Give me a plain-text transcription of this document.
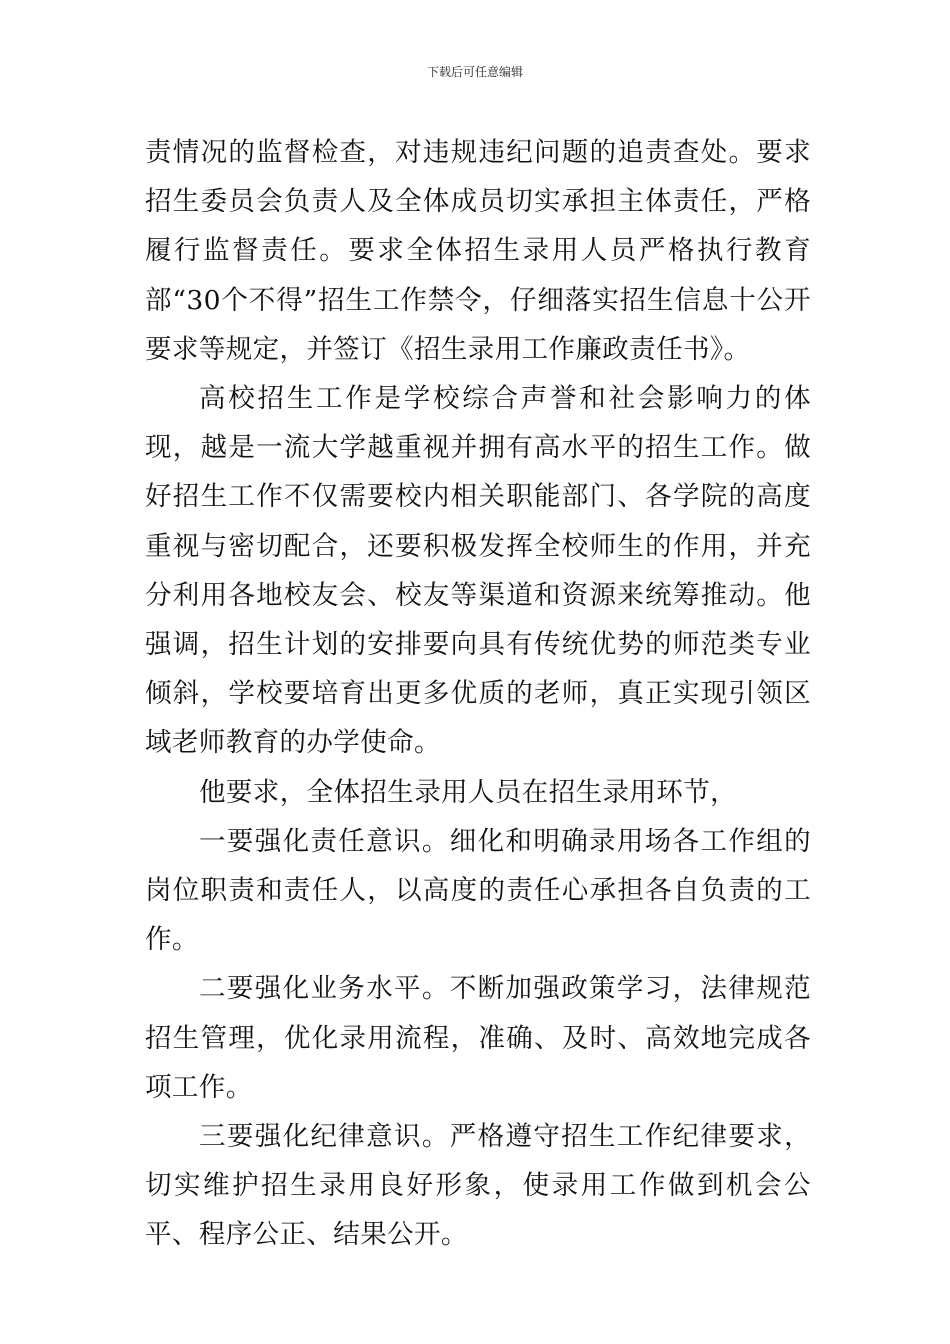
下载后可任意编辑

责情况的监督检查，对违规违纪问题的追责查处。要求招生委员会负责人及全体成员切实承担主体责任，严格履行监督责任。要求全体招生录用人员严格执行教育部“30个不得”招生工作禁令，仔细落实招生信息十公开要求等规定，并签订《招生录用工作廉政责任书》。

高校招生工作是学校综合声誉和社会影响力的体现，越是一流大学越重视并拥有高水平的招生工作。做好招生工作不仅需要校内相关职能部门、各学院的高度重视与密切配合，还要积极发挥全校师生的作用，并充分利用各地校友会、校友等渠道和资源来统筹推动。他强调，招生计划的安排要向具有传统优势的师范类专业倾斜，学校要培育出更多优质的老师，真正实现引领区域老师教育的办学使命。

他要求，全体招生录用人员在招生录用环节，

一要强化责任意识。细化和明确录用场各工作组的岗位职责和责任人，以高度的责任心承担各自负责的工作。

二要强化业务水平。不断加强政策学习，法律规范招生管理，优化录用流程，准确、及时、高效地完成各项工作。

三要强化纪律意识。严格遵守招生工作纪律要求，切实维护招生录用良好形象，使录用工作做到机会公平、程序公正、结果公开。
